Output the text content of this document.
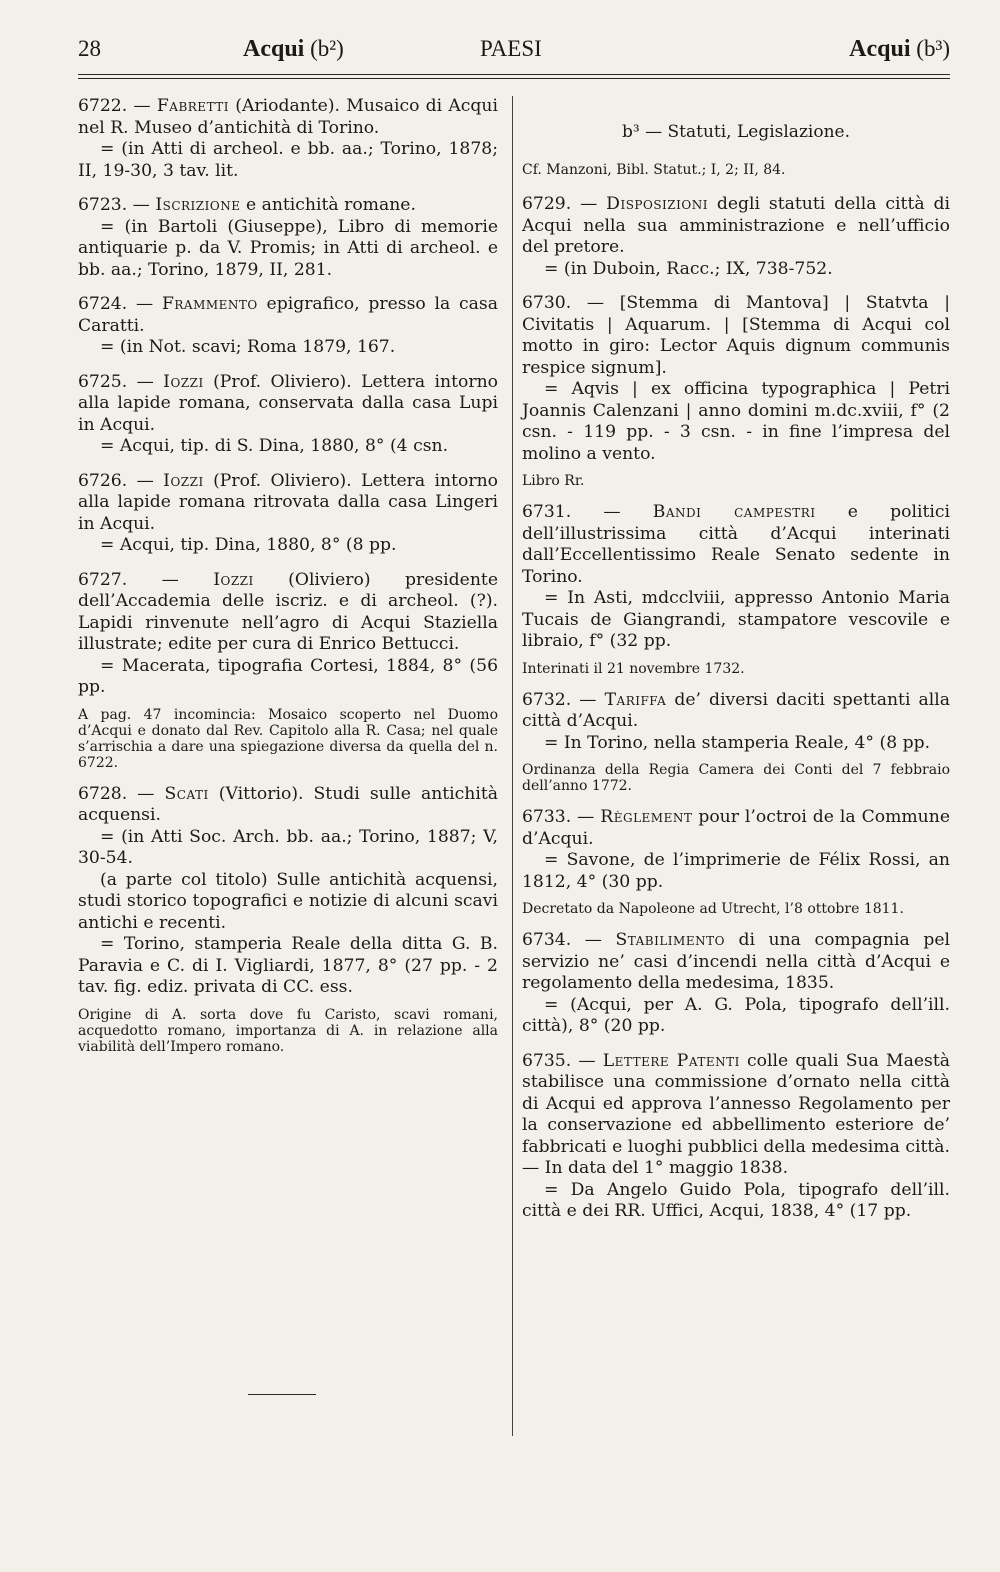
28	Acqui (b²)	PAESI	Acqui (b³)

6722. — Fabretti (Ariodante). Musaico di Acqui nel R. Museo d’antichità di Torino.

= (in Atti di archeol. e bb. aa.; Torino, 1878; II, 19-30, 3 tav. lit.

6723. — Iscrizione e antichità romane.

= (in Bartoli (Giuseppe), Libro di memorie antiquarie p. da V. Promis; in Atti di archeol. e bb. aa.; Torino, 1879, II, 281.

6724. — Frammento epigrafico, presso la casa Caratti.

= (in Not. scavi; Roma 1879, 167.

6725. — Iozzi (Prof. Oliviero). Lettera intorno alla lapide romana, conservata dalla casa Lupi in Acqui.

= Acqui, tip. di S. Dina, 1880, 8° (4 csn.

6726. — Iozzi (Prof. Oliviero). Lettera intorno alla lapide romana ritrovata dalla casa Lingeri in Acqui.

= Acqui, tip. Dina, 1880, 8° (8 pp.

6727. — Iozzi (Oliviero) presidente dell’Accademia delle iscriz. e di archeol. (?). Lapidi rinvenute nell’agro di Acqui Staziella illustrate; edite per cura di Enrico Bettucci.

= Macerata, tipografia Cortesi, 1884, 8° (56 pp.

A pag. 47 incomincia: Mosaico scoperto nel Duomo d’Acqui e donato dal Rev. Capitolo alla R. Casa; nel quale s’arrischia a dare una spiegazione diversa da quella del n. 6722.

6728. — Scati (Vittorio). Studi sulle antichità acquensi.

= (in Atti Soc. Arch. bb. aa.; Torino, 1887; V, 30-54.

(a parte col titolo) Sulle antichità acquensi, studi storico topografici e notizie di alcuni scavi antichi e recenti.

= Torino, stamperia Reale della ditta G. B. Paravia e C. di I. Vigliardi, 1877, 8° (27 pp. - 2 tav. fig. ediz. privata di CC. ess.

Origine di A. sorta dove fu Caristo, scavi romani, acquedotto romano, importanza di A. in relazione alla viabilità dell’Impero romano.

b³ — Statuti, Legislazione.
Cf. Manzoni, Bibl. Statut.; I, 2; II, 84.

6729. — Disposizioni degli statuti della città di Acqui nella sua amministrazione e nell’ufficio del pretore.

= (in Duboin, Racc.; IX, 738-752.

6730. — [Stemma di Mantova] | Statvta | Civitatis | Aquarum. | [Stemma di Acqui col motto in giro: Lector Aquis dignum communis respice signum].

= Aqvis | ex officina typographica | Petri Joannis Calenzani | anno domini m.dc.xviii, f° (2 csn. - 119 pp. - 3 csn. - in fine l’impresa del molino a vento.

Libro Rr.

6731. — Bandi campestri e politici dell’illustrissima città d’Acqui interinati dall’Eccellentissimo Reale Senato sedente in Torino.

= In Asti, mdcclviii, appresso Antonio Maria Tucais de Giangrandi, stampatore vescovile e libraio, f° (32 pp.

Interinati il 21 novembre 1732.

6732. — Tariffa de’ diversi daciti spettanti alla città d’Acqui.

= In Torino, nella stamperia Reale, 4° (8 pp.

Ordinanza della Regia Camera dei Conti del 7 febbraio dell’anno 1772.

6733. — Règlement pour l’octroi de la Commune d’Acqui.

= Savone, de l’imprimerie de Félix Rossi, an 1812, 4° (30 pp.

Decretato da Napoleone ad Utrecht, l’8 ottobre 1811.

6734. — Stabilimento di una compagnia pel servizio ne’ casi d’incendi nella città d’Acqui e regolamento della medesima, 1835.

= (Acqui, per A. G. Pola, tipografo dell’ill. città), 8° (20 pp.

6735. — Lettere Patenti colle quali Sua Maestà stabilisce una commissione d’ornato nella città di Acqui ed approva l’annesso Regolamento per la conservazione ed abbellimento esteriore de’ fabbricati e luoghi pubblici della medesima città. — In data del 1° maggio 1838.

= Da Angelo Guido Pola, tipografo dell’ill. città e dei RR. Uffici, Acqui, 1838, 4° (17 pp.
